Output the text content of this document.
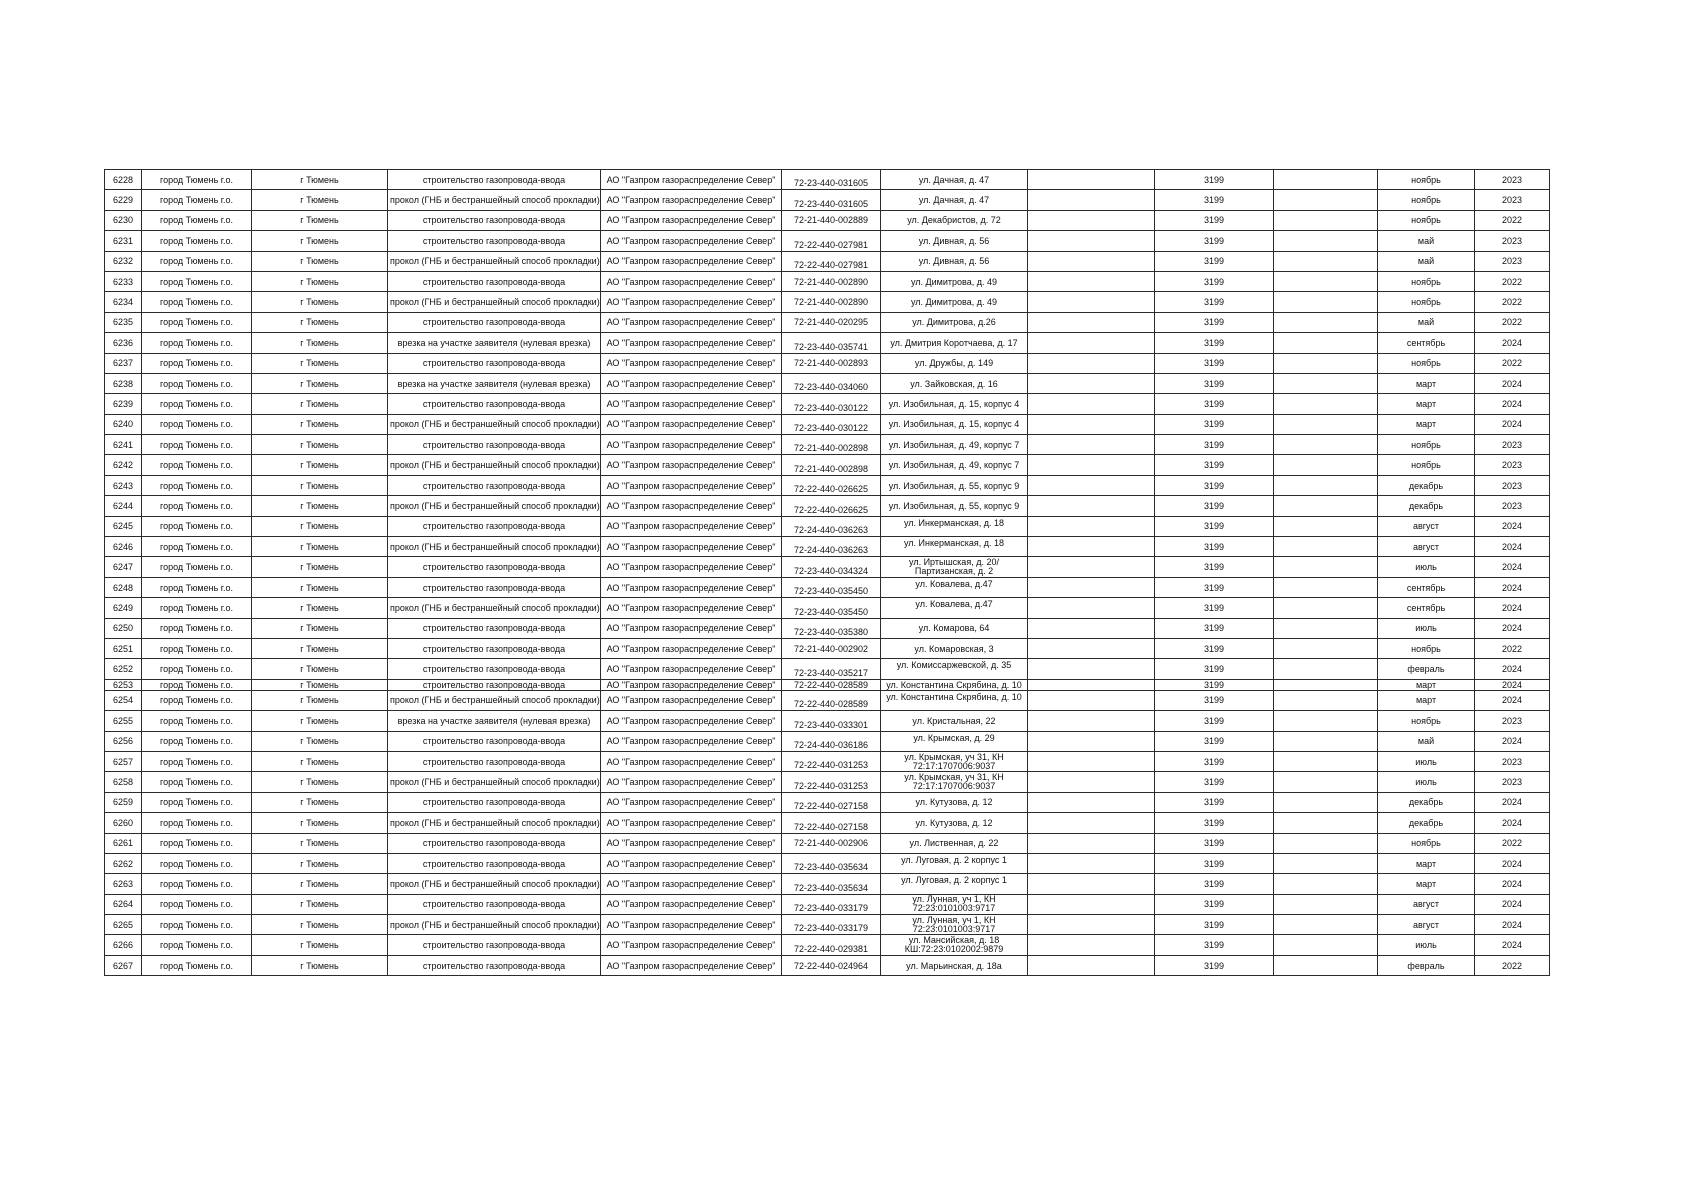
6228	город Тюмень г.о.	г Тюмень	строительство газопровода-ввода	АО "Газпром газораспределение Север"	72-23-440-031605	ул. Дачная, д. 47		3199		ноябрь	2023
6229	город Тюмень г.о.	г Тюмень	прокол (ГНБ и бестраншейный способ прокладки)	АО "Газпром газораспределение Север"	72-23-440-031605	ул. Дачная, д. 47		3199		ноябрь	2023
6230	город Тюмень г.о.	г Тюмень	строительство газопровода-ввода	АО "Газпром газораспределение Север"	72-21-440-002889	ул. Декабристов, д. 72		3199		ноябрь	2022
6231	город Тюмень г.о.	г Тюмень	строительство газопровода-ввода	АО "Газпром газораспределение Север"	72-22-440-027981	ул. Дивная, д. 56		3199		май	2023
6232	город Тюмень г.о.	г Тюмень	прокол (ГНБ и бестраншейный способ прокладки)	АО "Газпром газораспределение Север"	72-22-440-027981	ул. Дивная, д. 56		3199		май	2023
6233	город Тюмень г.о.	г Тюмень	строительство газопровода-ввода	АО "Газпром газораспределение Север"	72-21-440-002890	ул. Димитрова, д. 49		3199		ноябрь	2022
6234	город Тюмень г.о.	г Тюмень	прокол (ГНБ и бестраншейный способ прокладки)	АО "Газпром газораспределение Север"	72-21-440-002890	ул. Димитрова, д. 49		3199		ноябрь	2022
6235	город Тюмень г.о.	г Тюмень	строительство газопровода-ввода	АО "Газпром газораспределение Север"	72-21-440-020295	ул. Димитрова, д.26		3199		май	2022
6236	город Тюмень г.о.	г Тюмень	врезка на участке заявителя (нулевая врезка)	АО "Газпром газораспределение Север"	72-23-440-035741	ул. Дмитрия Коротчаева, д. 17		3199		сентябрь	2024
6237	город Тюмень г.о.	г Тюмень	строительство газопровода-ввода	АО "Газпром газораспределение Север"	72-21-440-002893	ул. Дружбы, д. 149		3199		ноябрь	2022
6238	город Тюмень г.о.	г Тюмень	врезка на участке заявителя (нулевая врезка)	АО "Газпром газораспределение Север"	72-23-440-034060	ул. Зайковская, д. 16		3199		март	2024
6239	город Тюмень г.о.	г Тюмень	строительство газопровода-ввода	АО "Газпром газораспределение Север"	72-23-440-030122	ул. Изобильная, д. 15, корпус 4		3199		март	2024
6240	город Тюмень г.о.	г Тюмень	прокол (ГНБ и бестраншейный способ прокладки)	АО "Газпром газораспределение Север"	72-23-440-030122	ул. Изобильная, д. 15, корпус 4		3199		март	2024
6241	город Тюмень г.о.	г Тюмень	строительство газопровода-ввода	АО "Газпром газораспределение Север"	72-21-440-002898	ул. Изобильная, д. 49, корпус 7		3199		ноябрь	2023
6242	город Тюмень г.о.	г Тюмень	прокол (ГНБ и бестраншейный способ прокладки)	АО "Газпром газораспределение Север"	72-21-440-002898	ул. Изобильная, д. 49, корпус 7		3199		ноябрь	2023
6243	город Тюмень г.о.	г Тюмень	строительство газопровода-ввода	АО "Газпром газораспределение Север"	72-22-440-026625	ул. Изобильная, д. 55, корпус 9		3199		декабрь	2023
6244	город Тюмень г.о.	г Тюмень	прокол (ГНБ и бестраншейный способ прокладки)	АО "Газпром газораспределение Север"	72-22-440-026625	ул. Изобильная, д. 55, корпус 9		3199		декабрь	2023
6245	город Тюмень г.о.	г Тюмень	строительство газопровода-ввода	АО "Газпром газораспределение Север"	72-24-440-036263	ул. Инкерманская, д. 18		3199		август	2024
6246	город Тюмень г.о.	г Тюмень	прокол (ГНБ и бестраншейный способ прокладки)	АО "Газпром газораспределение Север"	72-24-440-036263	ул. Инкерманская, д. 18		3199		август	2024
6247	город Тюмень г.о.	г Тюмень	строительство газопровода-ввода	АО "Газпром газораспределение Север"	72-23-440-034324	ул. Иртышская, д. 20/Партизанская, д. 2		3199		июль	2024
6248	город Тюмень г.о.	г Тюмень	строительство газопровода-ввода	АО "Газпром газораспределение Север"	72-23-440-035450	ул. Ковалева, д.47		3199		сентябрь	2024
6249	город Тюмень г.о.	г Тюмень	прокол (ГНБ и бестраншейный способ прокладки)	АО "Газпром газораспределение Север"	72-23-440-035450	ул. Ковалева, д.47		3199		сентябрь	2024
6250	город Тюмень г.о.	г Тюмень	строительство газопровода-ввода	АО "Газпром газораспределение Север"	72-23-440-035380	ул. Комарова, 64		3199		июль	2024
6251	город Тюмень г.о.	г Тюмень	строительство газопровода-ввода	АО "Газпром газораспределение Север"	72-21-440-002902	ул. Комаровская, 3		3199		ноябрь	2022
6252	город Тюмень г.о.	г Тюмень	строительство газопровода-ввода	АО "Газпром газораспределение Север"	72-23-440-035217	ул. Комиссаржевской, д. 35		3199		февраль	2024
6253	город Тюмень г.о.	г Тюмень	строительство газопровода-ввода	АО "Газпром газораспределение Север"	72-22-440-028589	ул. Константина Скрябина, д. 10		3199		март	2024
6254	город Тюмень г.о.	г Тюмень	прокол (ГНБ и бестраншейный способ прокладки)	АО "Газпром газораспределение Север"	72-22-440-028589	ул. Константина Скрябина, д. 10		3199		март	2024
6255	город Тюмень г.о.	г Тюмень	врезка на участке заявителя (нулевая врезка)	АО "Газпром газораспределение Север"	72-23-440-033301	ул. Кристальная, 22		3199		ноябрь	2023
6256	город Тюмень г.о.	г Тюмень	строительство газопровода-ввода	АО "Газпром газораспределение Север"	72-24-440-036186	ул. Крымская, д. 29		3199		май	2024
6257	город Тюмень г.о.	г Тюмень	строительство газопровода-ввода	АО "Газпром газораспределение Север"	72-22-440-031253	ул. Крымская, уч 31, КН 72:17:1707006:9037		3199		июль	2023
6258	город Тюмень г.о.	г Тюмень	прокол (ГНБ и бестраншейный способ прокладки)	АО "Газпром газораспределение Север"	72-22-440-031253	ул. Крымская, уч 31, КН 72:17:1707006:9037		3199		июль	2023
6259	город Тюмень г.о.	г Тюмень	строительство газопровода-ввода	АО "Газпром газораспределение Север"	72-22-440-027158	ул. Кутузова, д. 12		3199		декабрь	2024
6260	город Тюмень г.о.	г Тюмень	прокол (ГНБ и бестраншейный способ прокладки)	АО "Газпром газораспределение Север"	72-22-440-027158	ул. Кутузова, д. 12		3199		декабрь	2024
6261	город Тюмень г.о.	г Тюмень	строительство газопровода-ввода	АО "Газпром газораспределение Север"	72-21-440-002906	ул. Лиственная, д. 22		3199		ноябрь	2022
6262	город Тюмень г.о.	г Тюмень	строительство газопровода-ввода	АО "Газпром газораспределение Север"	72-23-440-035634	ул. Луговая, д. 2 корпус 1		3199		март	2024
6263	город Тюмень г.о.	г Тюмень	прокол (ГНБ и бестраншейный способ прокладки)	АО "Газпром газораспределение Север"	72-23-440-035634	ул. Луговая, д. 2 корпус 1		3199		март	2024
6264	город Тюмень г.о.	г Тюмень	строительство газопровода-ввода	АО "Газпром газораспределение Север"	72-23-440-033179	ул. Лунная, уч 1, КН 72:23:0101003:9717		3199		август	2024
6265	город Тюмень г.о.	г Тюмень	прокол (ГНБ и бестраншейный способ прокладки)	АО "Газпром газораспределение Север"	72-23-440-033179	ул. Лунная, уч 1, КН 72:23:0101003:9717		3199		август	2024
6266	город Тюмень г.о.	г Тюмень	строительство газопровода-ввода	АО "Газпром газораспределение Север"	72-22-440-029381	ул. Мансийская, д. 18 КШ:72:23:0102002:9879		3199		июль	2024
6267	город Тюмень г.о.	г Тюмень	строительство газопровода-ввода	АО "Газпром газораспределение Север"	72-22-440-024964	ул. Марьинская, д. 18а		3199		февраль	2022
